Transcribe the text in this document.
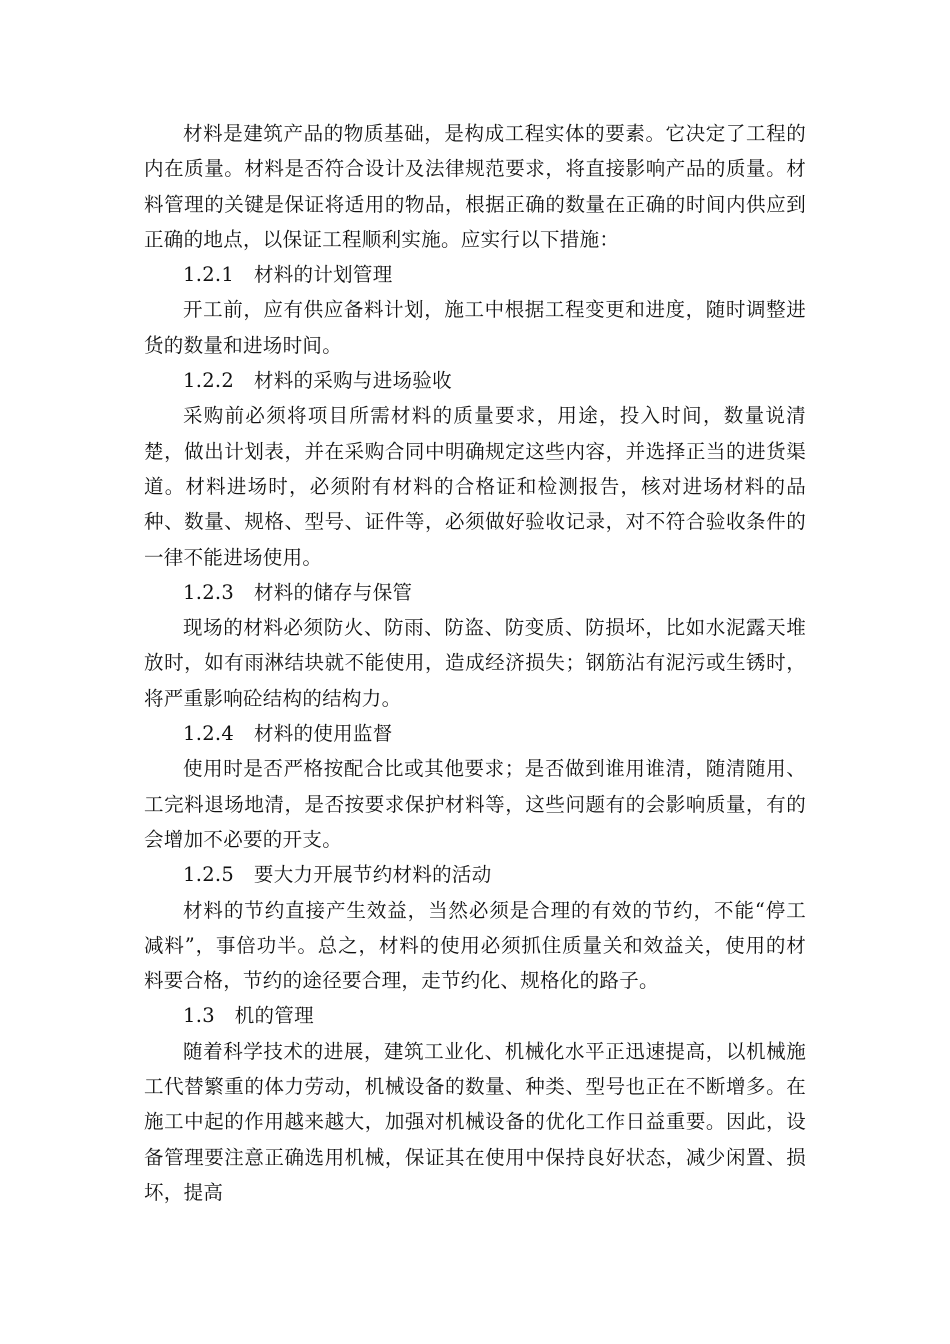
材料是建筑产品的物质基础，是构成工程实体的要素。它决定了工程的内在质量。材料是否符合设计及法律规范要求，将直接影响产品的质量。材料管理的关键是保证将适用的物品，根据正确的数量在正确的时间内供应到正确的地点，以保证工程顺利实施。应实行以下措施：

1.2.1　材料的计划管理

开工前，应有供应备料计划，施工中根据工程变更和进度，随时调整进货的数量和进场时间。

1.2.2　材料的采购与进场验收

采购前必须将项目所需材料的质量要求，用途，投入时间，数量说清楚，做出计划表，并在采购合同中明确规定这些内容，并选择正当的进货渠道。材料进场时，必须附有材料的合格证和检测报告，核对进场材料的品种、数量、规格、型号、证件等，必须做好验收记录，对不符合验收条件的一律不能进场使用。

1.2.3　材料的储存与保管

现场的材料必须防火、防雨、防盗、防变质、防损坏，比如水泥露天堆放时，如有雨淋结块就不能使用，造成经济损失；钢筋沾有泥污或生锈时，将严重影响砼结构的结构力。

1.2.4　材料的使用监督

使用时是否严格按配合比或其他要求；是否做到谁用谁清，随清随用、工完料退场地清，是否按要求保护材料等，这些问题有的会影响质量，有的会增加不必要的开支。

1.2.5　要大力开展节约材料的活动

材料的节约直接产生效益，当然必须是合理的有效的节约，不能“停工减料”，事倍功半。总之，材料的使用必须抓住质量关和效益关，使用的材料要合格，节约的途径要合理，走节约化、规格化的路子。

1.3　机的管理

随着科学技术的进展，建筑工业化、机械化水平正迅速提高，以机械施工代替繁重的体力劳动，机械设备的数量、种类、型号也正在不断增多。在施工中起的作用越来越大，加强对机械设备的优化工作日益重要。因此，设备管理要注意正确选用机械，保证其在使用中保持良好状态，减少闲置、损坏，提高
